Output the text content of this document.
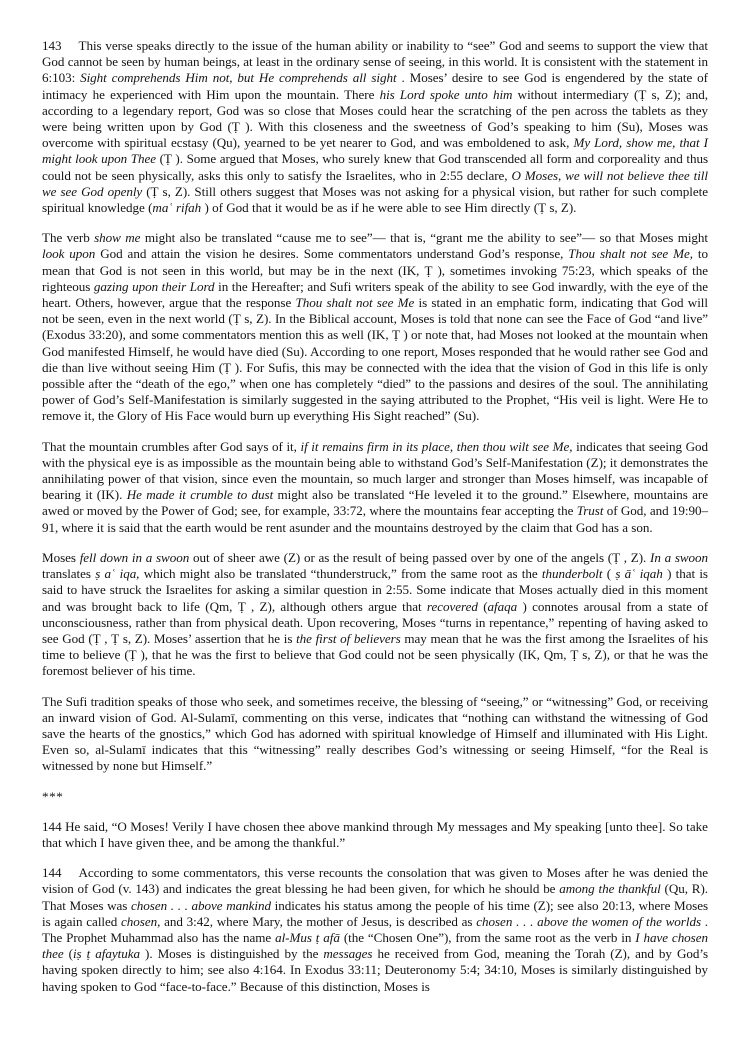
143 This verse speaks directly to the issue of the human ability or inability to “see” God and seems to support the view that God cannot be seen by human beings, at least in the ordinary sense of seeing, in this world. It is consistent with the statement in 6:103: Sight comprehends Him not, but He comprehends all sight . Moses’ desire to see God is engendered by the state of intimacy he experienced with Him upon the mountain. There his Lord spoke unto him without intermediary (Ṭ s, Z); and, according to a legendary report, God was so close that Moses could hear the scratching of the pen across the tablets as they were being written upon by God (Ṭ ). With this closeness and the sweetness of God’s speaking to him (Su), Moses was overcome with spiritual ecstasy (Qu), yearned to be yet nearer to God, and was emboldened to ask, My Lord, show me, that I might look upon Thee (Ṭ ). Some argued that Moses, who surely knew that God transcended all form and corporeality and thus could not be seen physically, asks this only to satisfy the Israelites, who in 2:55 declare, O Moses, we will not believe thee till we see God openly (Ṭ s, Z). Still others suggest that Moses was not asking for a physical vision, but rather for such complete spiritual knowledge (maʿ rifah ) of God that it would be as if he were able to see Him directly (Ṭ s, Z).

The verb show me might also be translated “cause me to see”— that is, “grant me the ability to see”— so that Moses might look upon God and attain the vision he desires. Some commentators understand God’s response, Thou shalt not see Me, to mean that God is not seen in this world, but may be in the next (IK, Ṭ ), sometimes invoking 75:23, which speaks of the righteous gazing upon their Lord in the Hereafter; and Sufi writers speak of the ability to see God inwardly, with the eye of the heart. Others, however, argue that the response Thou shalt not see Me is stated in an emphatic form, indicating that God will not be seen, even in the next world (Ṭ s, Z). In the Biblical account, Moses is told that none can see the Face of God “and live” (Exodus 33:20), and some commentators mention this as well (IK, Ṭ ) or note that, had Moses not looked at the mountain when God manifested Himself, he would have died (Su). According to one report, Moses responded that he would rather see God and die than live without seeing Him (Ṭ ). For Sufis, this may be connected with the idea that the vision of God in this life is only possible after the “death of the ego,” when one has completely “died” to the passions and desires of the soul. The annihilating power of God’s Self-Manifestation is similarly suggested in the saying attributed to the Prophet, “His veil is light. Were He to remove it, the Glory of His Face would burn up everything His Sight reached” (Su).

That the mountain crumbles after God says of it, if it remains firm in its place, then thou wilt see Me, indicates that seeing God with the physical eye is as impossible as the mountain being able to withstand God’s Self-Manifestation (Z); it demonstrates the annihilating power of that vision, since even the mountain, so much larger and stronger than Moses himself, was incapable of bearing it (IK). He made it crumble to dust might also be translated “He leveled it to the ground.” Elsewhere, mountains are awed or moved by the Power of God; see, for example, 33:72, where the mountains fear accepting the Trust of God, and 19:90– 91, where it is said that the earth would be rent asunder and the mountains destroyed by the claim that God has a son.

Moses fell down in a swoon out of sheer awe (Z) or as the result of being passed over by one of the angels (Ṭ , Z). In a swoon translates ṣ aʿ iqa, which might also be translated “thunderstruck,” from the same root as the thunderbolt ( ṣ āʿ iqah ) that is said to have struck the Israelites for asking a similar question in 2:55. Some indicate that Moses actually died in this moment and was brought back to life (Qm, Ṭ , Z), although others argue that recovered (afaqa ) connotes arousal from a state of unconsciousness, rather than from physical death. Upon recovering, Moses “turns in repentance,” repenting of having asked to see God (Ṭ , Ṭ s, Z). Moses’ assertion that he is the first of believers may mean that he was the first among the Israelites of his time to believe (Ṭ ), that he was the first to believe that God could not be seen physically (IK, Qm, Ṭ s, Z), or that he was the foremost believer of his time.

The Sufi tradition speaks of those who seek, and sometimes receive, the blessing of “seeing,” or “witnessing” God, or receiving an inward vision of God. Al-Sulamī, commenting on this verse, indicates that “nothing can withstand the witnessing of God save the hearts of the gnostics,” which God has adorned with spiritual knowledge of Himself and illuminated with His Light. Even so, al-Sulamī indicates that this “witnessing” really describes God’s witnessing or seeing Himself, “for the Real is witnessed by none but Himself.”

***

144 He said, “O Moses! Verily I have chosen thee above mankind through My messages and My speaking [unto thee]. So take that which I have given thee, and be among the thankful.”

144 According to some commentators, this verse recounts the consolation that was given to Moses after he was denied the vision of God (v. 143) and indicates the great blessing he had been given, for which he should be among the thankful (Qu, R). That Moses was chosen . . . above mankind indicates his status among the people of his time (Z); see also 20:13, where Moses is again called chosen, and 3:42, where Mary, the mother of Jesus, is described as chosen . . . above the women of the worlds . The Prophet Muhammad also has the name al-Mus ṭ afā (the “Chosen One”), from the same root as the verb in I have chosen thee (iṣ ṭ afaytuka ). Moses is distinguished by the messages he received from God, meaning the Torah (Z), and by God’s having spoken directly to him; see also 4:164. In Exodus 33:11; Deuteronomy 5:4; 34:10, Moses is similarly distinguished by having spoken to God “face-to-face.” Because of this distinction, Moses is
